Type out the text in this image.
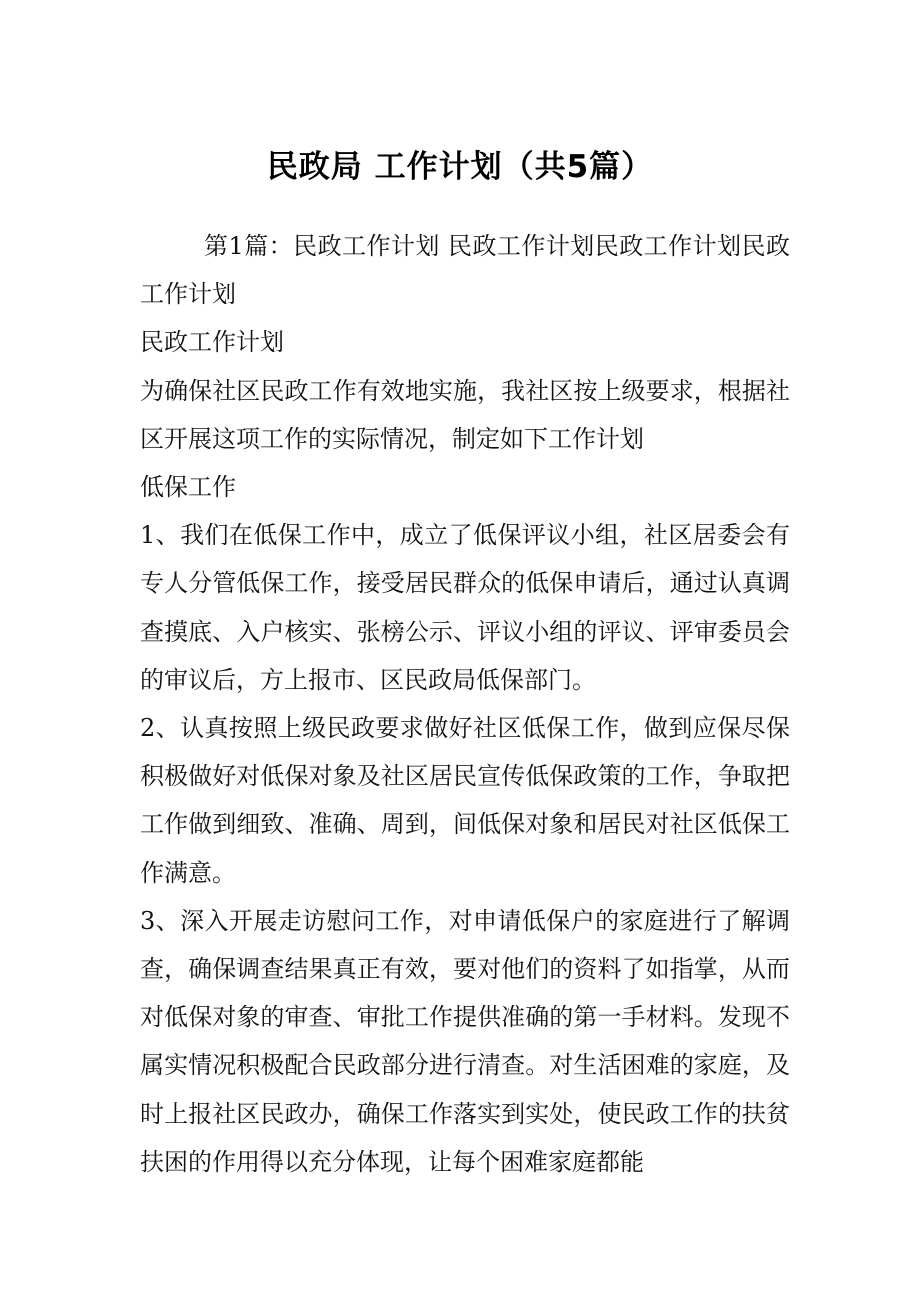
民政局 工作计划（共5篇）

第1篇：民政工作计划 民政工作计划民政工作计划民政工作计划

民政工作计划

为确保社区民政工作有效地实施，我社区按上级要求，根据社区开展这项工作的实际情况，制定如下工作计划

低保工作

1、我们在低保工作中，成立了低保评议小组，社区居委会有专人分管低保工作，接受居民群众的低保申请后，通过认真调查摸底、入户核实、张榜公示、评议小组的评议、评审委员会的审议后，方上报市、区民政局低保部门。

2、认真按照上级民政要求做好社区低保工作，做到应保尽保积极做好对低保对象及社区居民宣传低保政策的工作，争取把工作做到细致、准确、周到，间低保对象和居民对社区低保工作满意。

3、深入开展走访慰问工作，对申请低保户的家庭进行了解调查，确保调查结果真正有效，要对他们的资料了如指掌，从而对低保对象的审查、审批工作提供准确的第一手材料。发现不属实情况积极配合民政部分进行清查。对生活困难的家庭，及时上报社区民政办，确保工作落实到实处，使民政工作的扶贫扶困的作用得以充分体现，让每个困难家庭都能
